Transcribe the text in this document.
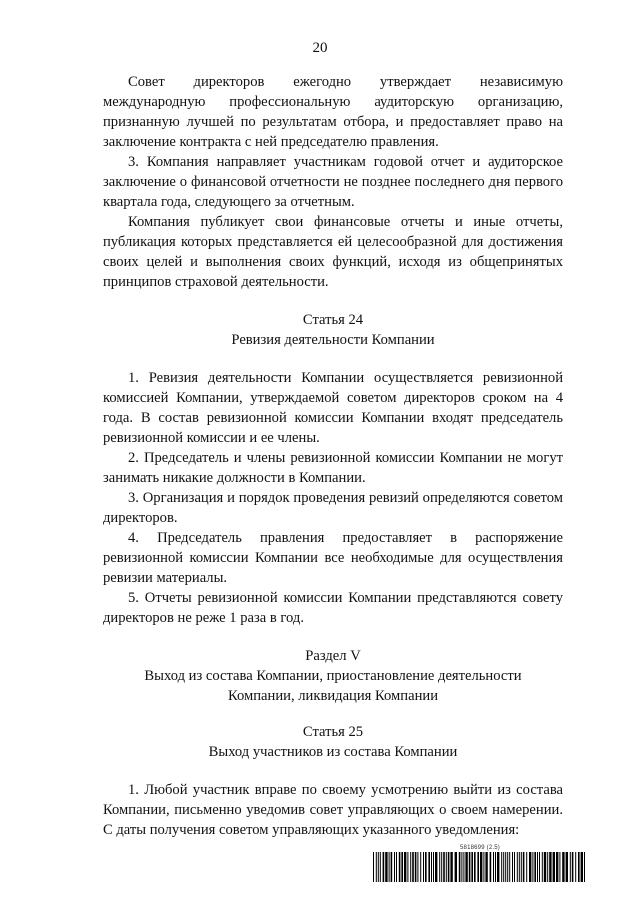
20

Совет директоров ежегодно утверждает независимую международную профессиональную аудиторскую организацию, признанную лучшей по результатам отбора, и предоставляет право на заключение контракта с ней председателю правления.

3. Компания направляет участникам годовой отчет и аудиторское заключение о финансовой отчетности не позднее последнего дня первого квартала года, следующего за отчетным.

Компания публикует свои финансовые отчеты и иные отчеты, публикация которых представляется ей целесообразной для достижения своих целей и выполнения своих функций, исходя из общепринятых принципов страховой деятельности.

Статья 24
Ревизия деятельности Компании

1. Ревизия деятельности Компании осуществляется ревизионной комиссией Компании, утверждаемой советом директоров сроком на 4 года. В состав ревизионной комиссии Компании входят председатель ревизионной комиссии и ее члены.

2. Председатель и члены ревизионной комиссии Компании не могут занимать никакие должности в Компании.

3. Организация и порядок проведения ревизий определяются советом директоров.

4. Председатель правления предоставляет в распоряжение ревизионной комиссии Компании все необходимые для осуществления ревизии материалы.

5. Отчеты ревизионной комиссии Компании представляются совету директоров не реже 1 раза в год.

Раздел V
Выход из состава Компании, приостановление деятельности
Компании, ликвидация Компании
Статья 25
Выход участников из состава Компании

1. Любой участник вправе по своему усмотрению выйти из состава Компании, письменно уведомив совет управляющих о своем намерении. С даты получения советом управляющих указанного уведомления:

5818699 (2.5)
